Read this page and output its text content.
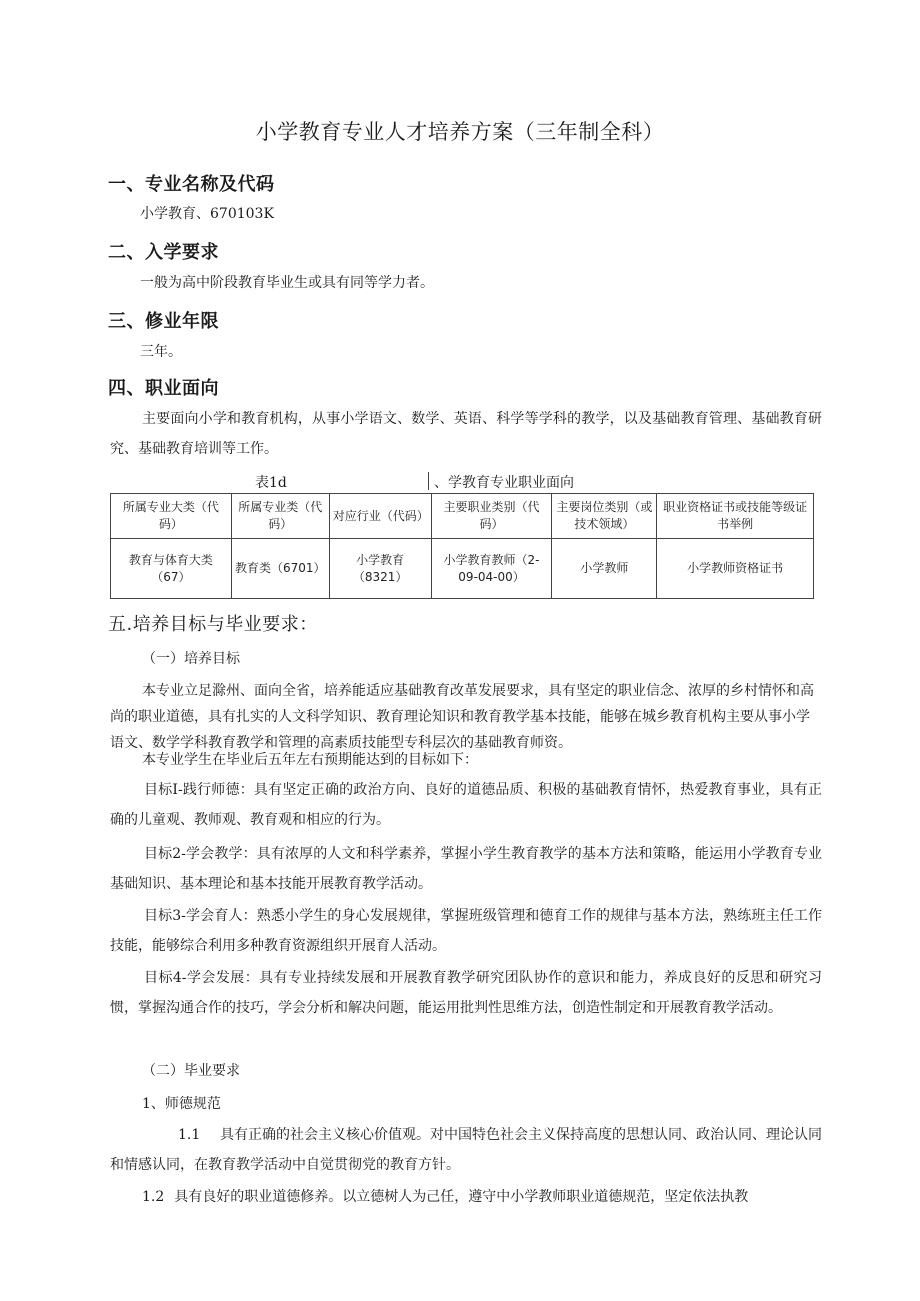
小学教育专业人才培养方案（三年制全科）
一、专业名称及代码
小学教育、670103K
二、入学要求
一般为高中阶段教育毕业生或具有同等学力者。
三、修业年限
三年。
四、职业面向
主要面向小学和教育机构，从事小学语文、数学、英语、科学等学科的教学，以及基础教育管理、基础教育研究、基础教育培训等工作。
表1d	、学教育专业职业面向
所属专业大类（代码）	所属专业类（代码）	对应行业（代码）	主要职业类别（代码）	主要岗位类别（或技术领域）	职业资格证书或技能等级证书举例
教育与体育大类（67）	教育类（6701）	小学教育（8321）	小学教育教师（2-09-04-00）	小学教师	小学教师资格证书
五.培养目标与毕业要求：
（一）培养目标
本专业立足滁州、面向全省，培养能适应基础教育改革发展要求，具有坚定的职业信念、浓厚的乡村情怀和高尚的职业道德，具有扎实的人文科学知识、教育理论知识和教育教学基本技能，能够在城乡教育机构主要从事小学语文、数学学科教育教学和管理的高素质技能型专科层次的基础教育师资。
本专业学生在毕业后五年左右预期能达到的目标如下：
目标I-践行师德：具有坚定正确的政治方向、良好的道德品质、积极的基础教育情怀，热爱教育事业，具有正确的儿童观、教师观、教育观和相应的行为。
目标2-学会教学：具有浓厚的人文和科学素养，掌握小学生教育教学的基本方法和策略，能运用小学教育专业基础知识、基本理论和基本技能开展教育教学活动。
目标3-学会育人：熟悉小学生的身心发展规律，掌握班级管理和德育工作的规律与基本方法，熟练班主任工作技能，能够综合利用多种教育资源组织开展育人活动。
目标4-学会发展：具有专业持续发展和开展教育教学研究团队协作的意识和能力，养成良好的反思和研究习惯，掌握沟通合作的技巧，学会分析和解决问题，能运用批判性思维方法，创造性制定和开展教育教学活动。
（二）毕业要求
1、师德规范
1.1 具有正确的社会主义核心价值观。对中国特色社会主义保持高度的思想认同、政治认同、理论认同和情感认同，在教育教学活动中自觉贯彻党的教育方针。
1.2 具有良好的职业道德修养。以立德树人为己任，遵守中小学教师职业道德规范，坚定依法执教
